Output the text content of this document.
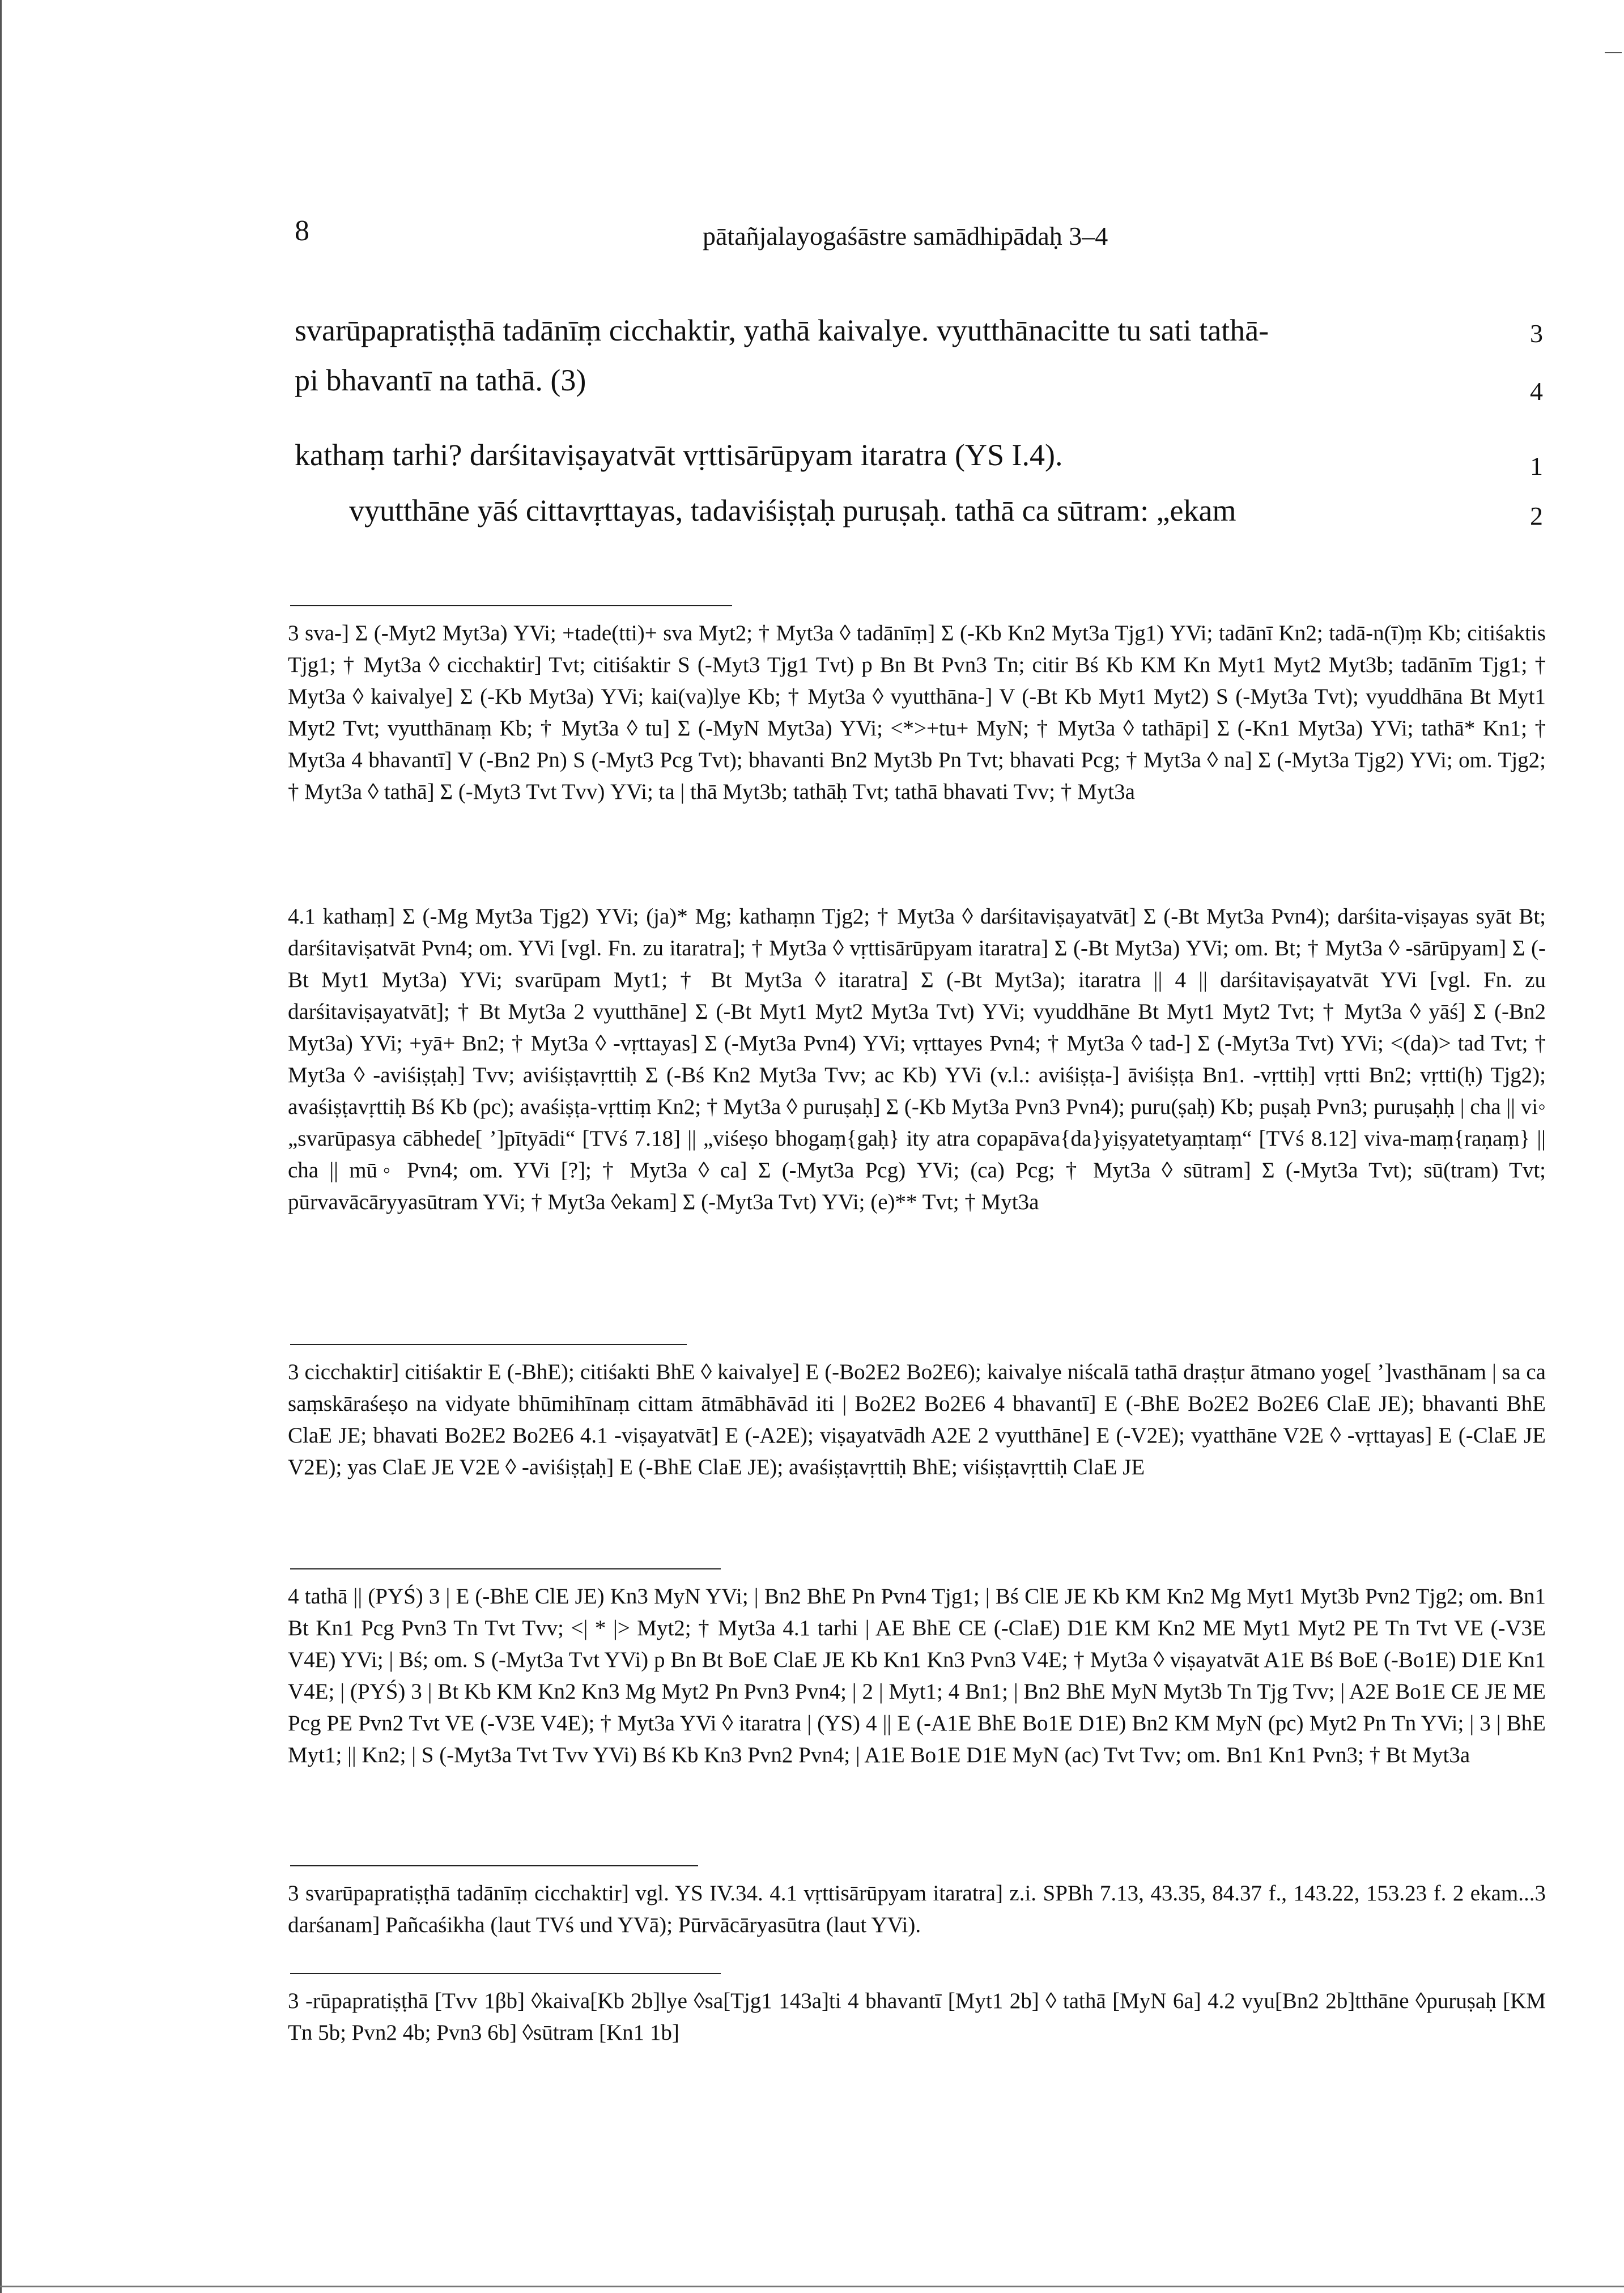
8	pātañjalayogaśāstre samādhipādaḥ 3–4
svarūpapratiṣṭhā tadānīṃ cicchaktir, yathā kaivalye. vyutthānacitte tu sati tathā-	3
pi bhavantī na tathā. (3)	4
kathaṃ tarhi? darśitaviṣayatvāt vṛttisārūpyam itaratra (YS I.4).	1
vyutthāne yāś cittavṛttayas, tadaviśiṣṭaḥ puruṣaḥ. tathā ca sūtram: „ekam	2
3 sva-] Σ (-Myt2 Myt3a) YVi; +tade(tti)+ sva Myt2; † Myt3a ◊ tadānīṃ] Σ (-Kb Kn2 Myt3a Tjg1) YVi; tadānī Kn2; tadā-n(ī)ṃ Kb; citiśaktis Tjg1; † Myt3a ◊ cicchaktir] Tvt; citiśaktir S (-Myt3 Tjg1 Tvt) p Bn Bt Pvn3 Tn; citir Bś Kb KM Kn Myt1 Myt2 Myt3b; tadānīm Tjg1; † Myt3a ◊ kaivalye] Σ (-Kb Myt3a) YVi; kai(va)lye Kb; † Myt3a ◊ vyutthāna-] V (-Bt Kb Myt1 Myt2) S (-Myt3a Tvt); vyuddhāna Bt Myt1 Myt2 Tvt; vyutthānaṃ Kb; † Myt3a ◊ tu] Σ (-MyN Myt3a) YVi; <*>+tu+ MyN; † Myt3a ◊ tathāpi] Σ (-Kn1 Myt3a) YVi; tathā* Kn1; † Myt3a 4 bhavantī] V (-Bn2 Pn) S (-Myt3 Pcg Tvt); bhavanti Bn2 Myt3b Pn Tvt; bhavati Pcg; † Myt3a ◊ na] Σ (-Myt3a Tjg2) YVi; om. Tjg2; † Myt3a ◊ tathā] Σ (-Myt3 Tvt Tvv) YVi; ta | thā Myt3b; tathāḥ Tvt; tathā bhavati Tvv; † Myt3a
4.1 kathaṃ] Σ (-Mg Myt3a Tjg2) YVi; (ja)* Mg; kathaṃn Tjg2; † Myt3a ◊ darśitaviṣayatvāt] Σ (-Bt Myt3a Pvn4); darśita-viṣayas syāt Bt; darśitaviṣatvāt Pvn4; om. YVi [vgl. Fn. zu itaratra]; † Myt3a ◊ vṛttisārūpyam itaratra] Σ (-Bt Myt3a) YVi; om. Bt; † Myt3a ◊ -sārūpyam] Σ (-Bt Myt1 Myt3a) YVi; svarūpam Myt1; † Bt Myt3a ◊ itaratra] Σ (-Bt Myt3a); itaratra || 4 || darśitaviṣayatvāt YVi [vgl. Fn. zu darśitaviṣayatvāt]; † Bt Myt3a 2 vyutthāne] Σ (-Bt Myt1 Myt2 Myt3a Tvt) YVi; vyuddhāne Bt Myt1 Myt2 Tvt; † Myt3a ◊ yāś] Σ (-Bn2 Myt3a) YVi; +yā+ Bn2; † Myt3a ◊ -vṛttayas] Σ (-Myt3a Pvn4) YVi; vṛttayes Pvn4; † Myt3a ◊ tad-] Σ (-Myt3a Tvt) YVi; <(da)> tad Tvt; † Myt3a ◊ -aviśiṣṭaḥ] Tvv; aviśiṣṭavṛttiḥ Σ (-Bś Kn2 Myt3a Tvv; ac Kb) YVi (v.l.: aviśiṣṭa-] āviśiṣṭa Bn1. -vṛttiḥ] vṛtti Bn2; vṛtti(ḥ) Tjg2); avaśiṣṭavṛttiḥ Bś Kb (pc); avaśiṣṭa-vṛttiṃ Kn2; † Myt3a ◊ puruṣaḥ] Σ (-Kb Myt3a Pvn3 Pvn4); puru(ṣaḥ) Kb; puṣaḥ Pvn3; puruṣaḥḥ | cha || vi◦ „svarūpasya cābhede[ ’]pītyādi“ [TVś 7.18] || „viśeṣo bhogaṃ{gaḥ} ity atra copapāva{da}yiṣyatetyaṃtaṃ“ [TVś 8.12] viva-maṃ{raṇaṃ} || cha || mū◦ Pvn4; om. YVi [?]; † Myt3a ◊ ca] Σ (-Myt3a Pcg) YVi; (ca) Pcg; † Myt3a ◊ sūtram] Σ (-Myt3a Tvt); sū(tram) Tvt; pūrvavācāryyasūtram YVi; † Myt3a ◊ekam] Σ (-Myt3a Tvt) YVi; (e)** Tvt; † Myt3a
3 cicchaktir] citiśaktir E (-BhE); citiśakti BhE ◊ kaivalye] E (-Bo2E2 Bo2E6); kaivalye niścalā tathā draṣṭur ātmano yoge[ ’]vasthānam | sa ca saṃskāraśeṣo na vidyate bhūmihīnaṃ cittam ātmābhāvād iti | Bo2E2 Bo2E6 4 bhavantī] E (-BhE Bo2E2 Bo2E6 ClaE JE); bhavanti BhE ClaE JE; bhavati Bo2E2 Bo2E6 4.1 -viṣayatvāt] E (-A2E); viṣayatvādh A2E 2 vyutthāne] E (-V2E); vyatthāne V2E ◊ -vṛttayas] E (-ClaE JE V2E); yas ClaE JE V2E ◊ -aviśiṣṭaḥ] E (-BhE ClaE JE); avaśiṣṭavṛttiḥ BhE; viśiṣṭavṛttiḥ ClaE JE
4 tathā || (PYŚ) 3 | E (-BhE ClE JE) Kn3 MyN YVi; | Bn2 BhE Pn Pvn4 Tjg1; | Bś ClE JE Kb KM Kn2 Mg Myt1 Myt3b Pvn2 Tjg2; om. Bn1 Bt Kn1 Pcg Pvn3 Tn Tvt Tvv; <| * |> Myt2; † Myt3a 4.1 tarhi | AE BhE CE (-ClaE) D1E KM Kn2 ME Myt1 Myt2 PE Tn Tvt VE (-V3E V4E) YVi; | Bś; om. S (-Myt3a Tvt YVi) p Bn Bt BoE ClaE JE Kb Kn1 Kn3 Pvn3 V4E; † Myt3a ◊ viṣayatvāt A1E Bś BoE (-Bo1E) D1E Kn1 V4E; | (PYŚ) 3 | Bt Kb KM Kn2 Kn3 Mg Myt2 Pn Pvn3 Pvn4; | 2 | Myt1; 4 Bn1; | Bn2 BhE MyN Myt3b Tn Tjg Tvv; | A2E Bo1E CE JE ME Pcg PE Pvn2 Tvt VE (-V3E V4E); † Myt3a YVi ◊ itaratra | (YS) 4 || E (-A1E BhE Bo1E D1E) Bn2 KM MyN (pc) Myt2 Pn Tn YVi; | 3 | BhE Myt1; || Kn2; | S (-Myt3a Tvt Tvv YVi) Bś Kb Kn3 Pvn2 Pvn4; | A1E Bo1E D1E MyN (ac) Tvt Tvv; om. Bn1 Kn1 Pvn3; † Bt Myt3a
3 svarūpapratiṣṭhā tadānīṃ cicchaktir] vgl. YS IV.34. 4.1 vṛttisārūpyam itaratra] z.i. SPBh 7.13, 43.35, 84.37 f., 143.22, 153.23 f. 2 ekam...3 darśanam] Pañcaśikha (laut TVś und YVā); Pūrvācāryasūtra (laut YVi).
3 -rūpapratiṣṭhā [Tvv 1βb] ◊kaiva[Kb 2b]lye ◊sa[Tjg1 143a]ti 4 bhavantī [Myt1 2b] ◊ tathā [MyN 6a] 4.2 vyu[Bn2 2b]tthāne ◊puruṣaḥ [KM Tn 5b; Pvn2 4b; Pvn3 6b] ◊sūtram [Kn1 1b]
